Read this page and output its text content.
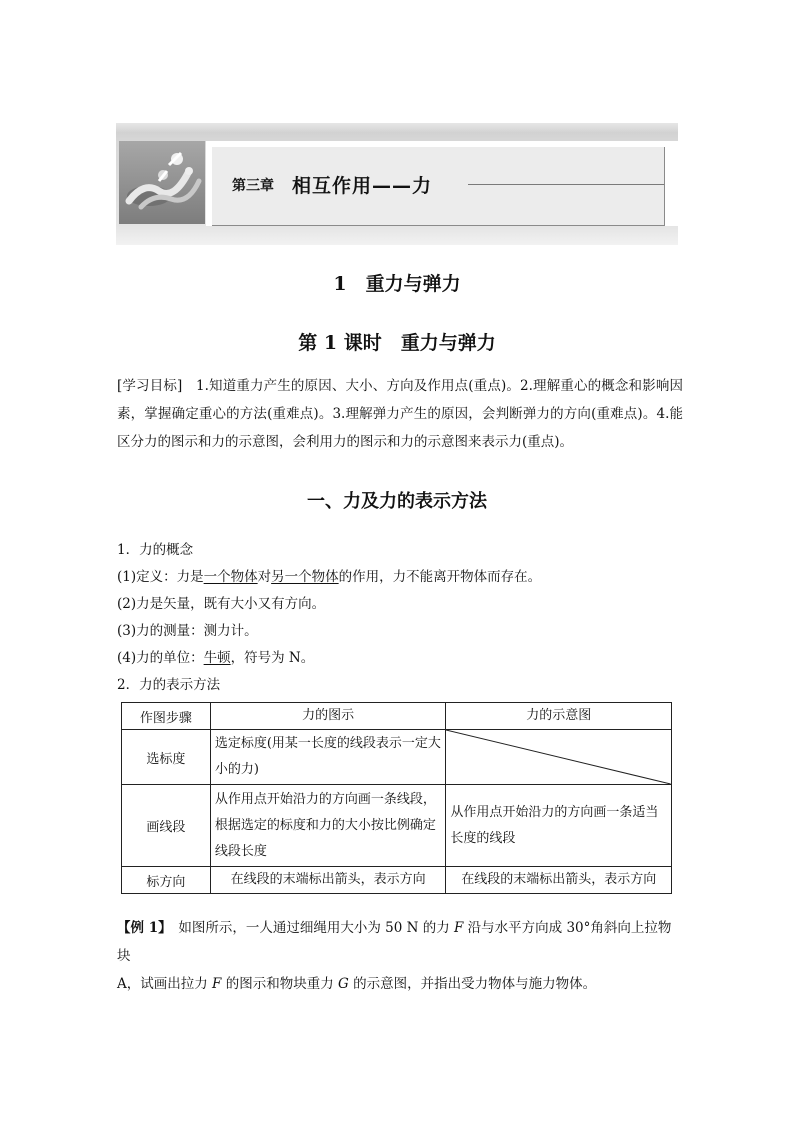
第三章 相互作用——力
1　重力与弹力
第 1 课时　重力与弹力
[学习目标]　1.知道重力产生的原因、大小、方向及作用点(重点)。2.理解重心的概念和影响因素，掌握确定重心的方法(重难点)。3.理解弹力产生的原因，会判断弹力的方向(重难点)。4.能区分力的图示和力的示意图，会利用力的图示和力的示意图来表示力(重点)。
一、力及力的表示方法
1．力的概念
(1)定义：力是一个物体对另一个物体的作用，力不能离开物体而存在。
(2)力是矢量，既有大小又有方向。
(3)力的测量：测力计。
(4)力的单位：牛顿，符号为 N。
2．力的表示方法
作图步骤	力的图示	力的示意图
选标度	选定标度(用某一长度的线段表示一定大小的力)	

画线段	从作用点开始沿力的方向画一条线段，根据选定的标度和力的大小按比例确定线段长度	从作用点开始沿力的方向画一条适当长度的线段
标方向	在线段的末端标出箭头，表示方向	在线段的末端标出箭头，表示方向
【例 1】　如图所示，一人通过细绳用大小为 50 N 的力 F 沿与水平方向成 30°角斜向上拉物块
A，试画出拉力 F 的图示和物块重力 G 的示意图，并指出受力物体与施力物体。
